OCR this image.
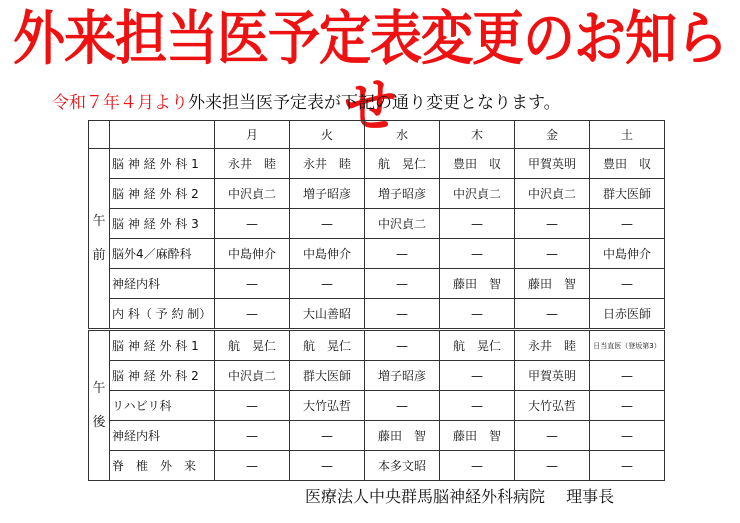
外来担当医予定表変更のお知らせ
令和７年４月より外来担当医予定表が下記の通り変更となります。
		月	火	水	木	金	土

午
前	脳 神 経 外 科 1	永井　睦	永井　睦	航　晃仁	豊田　収	甲賀英明	豊田　収
	脳 神 経 外 科 2	中沢貞二	増子昭彦	増子昭彦	中沢貞二	中沢貞二	群大医師
	脳 神 経 外 科 3	—	—	中沢貞二	—	—	—
	脳外4／麻酔科	中島伸介	中島伸介	—	—	—	中島伸介
	神経内科	—	—	—	藤田　智	藤田　智	—
	内 科（ 予 約 制）	—	大山善昭	—	—	—	日赤医師

午
後	脳 神 経 外 科 1	航　晃仁	航　晃仁	—	航　晃仁	永井　睦	日当直医（登坂第3）
	脳 神 経 外 科 2	中沢貞二	群大医師	増子昭彦	—	甲賀英明	—
	リハビリ科	—	大竹弘哲	—	—	大竹弘哲	—
	神経内科	—	—	藤田　智	藤田　智	—	—
	脊　椎　外　来	—	—	本多文昭	—	—	—
医療法人中央群馬脳神経外科病院　 理事長
